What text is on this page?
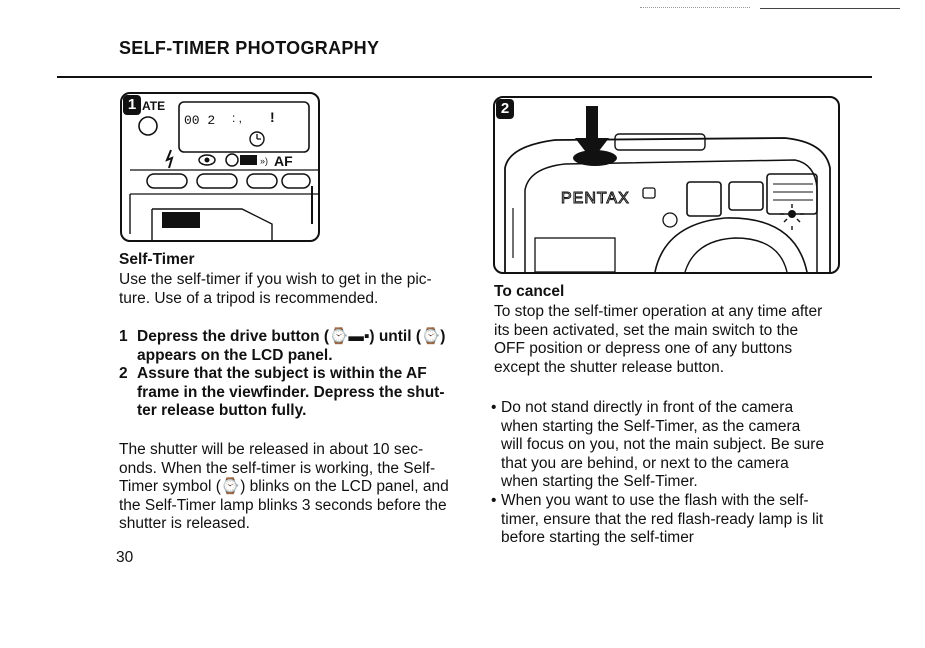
SELF-TIMER PHOTOGRAPHY
1 ATE
00 2 : , !
») AF
2
PENTAX
Self-Timer
Use the self-timer if you wish to get in the pic-
ture. Use of a tripod is recommended.
1 Depress the drive button (⌚▬▪) until (⌚)
appears on the LCD panel.
2 Assure that the subject is within the AF
frame in the viewfinder. Depress the shut-
ter release button fully.
The shutter will be released in about 10 sec-
onds. When the self-timer is working, the Self-
Timer symbol (⌚) blinks on the LCD panel, and
the Self-Timer lamp blinks 3 seconds before the
shutter is released.
30
To cancel
To stop the self-timer operation at any time after
its been activated, set the main switch to the
OFF position or depress one of any buttons
except the shutter release button.
• Do not stand directly in front of the camera
when starting the Self-Timer, as the camera
will focus on you, not the main subject. Be sure
that you are behind, or next to the camera
when starting the Self-Timer.
• When you want to use the flash with the self-
timer, ensure that the red flash-ready lamp is lit
before starting the self-timer
